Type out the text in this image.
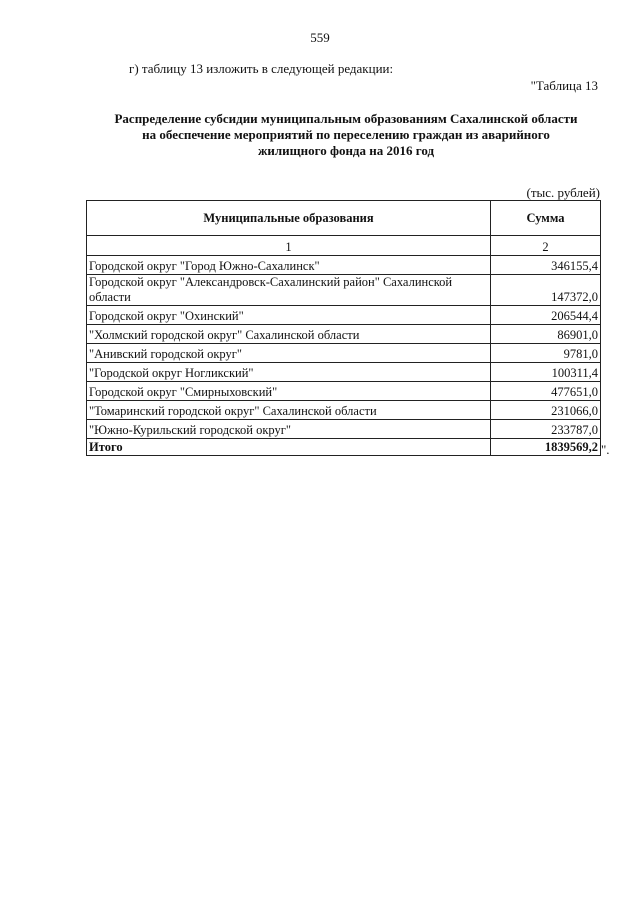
559
г) таблицу 13 изложить в следующей редакции:
"Таблица 13
Распределение субсидии муниципальным образованиям Сахалинской области
на обеспечение мероприятий по переселению граждан из аварийного
жилищного фонда на 2016 год
(тыс. рублей)
Муниципальные образования	Сумма
1	2
Городской округ "Город Южно-Сахалинск"	346155,4
Городской округ "Александровск-Сахалинский район" Сахалинской области	147372,0
Городской округ "Охинский"	206544,4
"Холмский городской округ" Сахалинской области	86901,0
"Анивский городской округ"	9781,0
"Городской округ Ногликский"	100311,4
Городской округ "Смирныховский"	477651,0
"Томаринский городской округ" Сахалинской области	231066,0
"Южно-Курильский городской округ"	233787,0
Итого	1839569,2 ".
